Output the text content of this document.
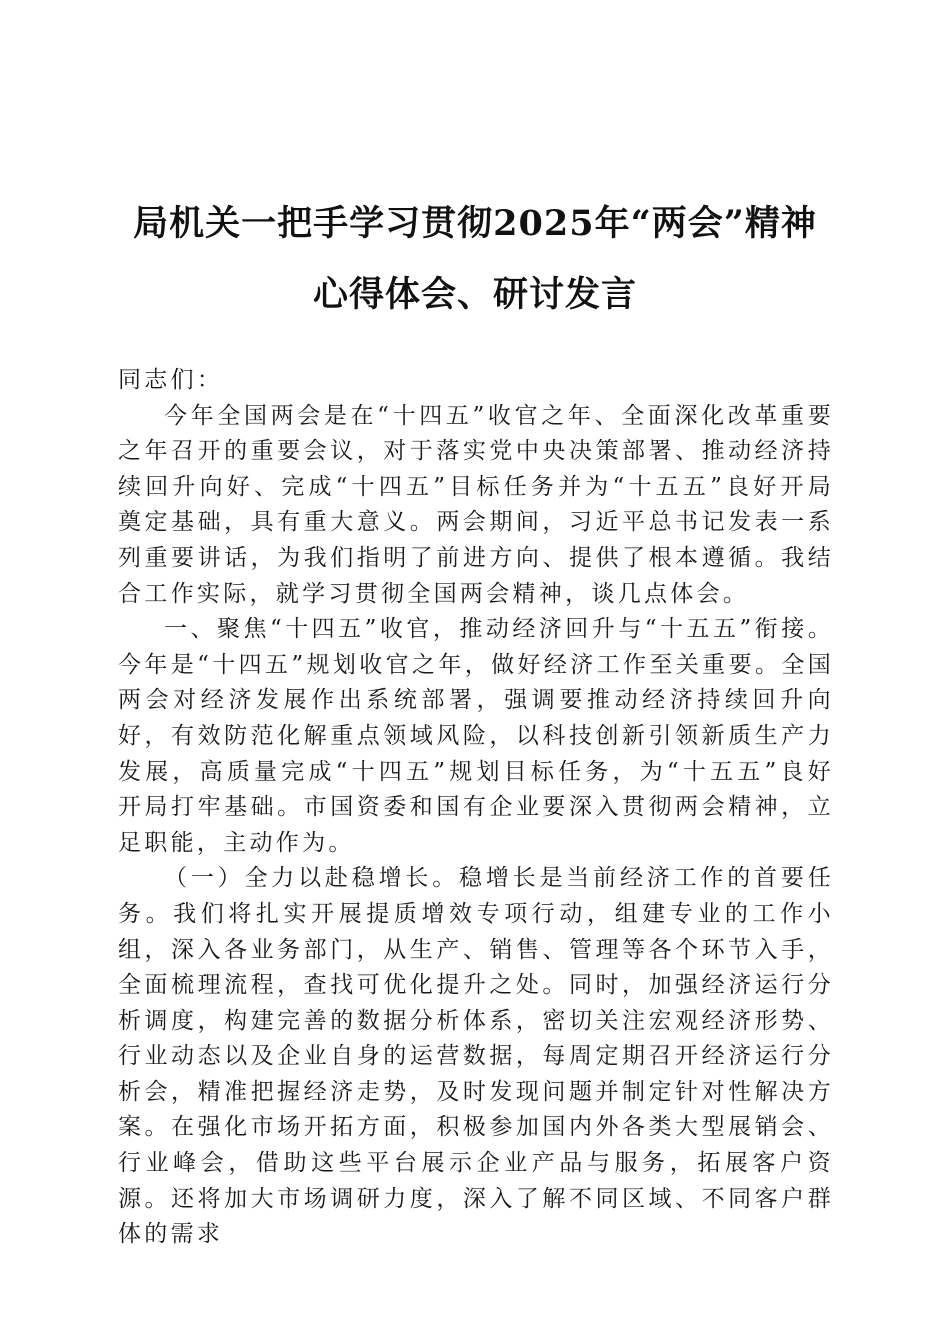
局机关一把手学习贯彻2025年“两会”精神
心得体会、研讨发言

同志们：

今年全国两会是在“十四五”收官之年、全面深化改革重要之年召开的重要会议，对于落实党中央决策部署、推动经济持续回升向好、完成“十四五”目标任务并为“十五五”良好开局奠定基础，具有重大意义。两会期间，习近平总书记发表一系列重要讲话，为我们指明了前进方向、提供了根本遵循。我结合工作实际，就学习贯彻全国两会精神，谈几点体会。

一、聚焦“十四五”收官，推动经济回升与“十五五”衔接。今年是“十四五”规划收官之年，做好经济工作至关重要。全国两会对经济发展作出系统部署，强调要推动经济持续回升向好，有效防范化解重点领域风险，以科技创新引领新质生产力发展，高质量完成“十四五”规划目标任务，为“十五五”良好开局打牢基础。市国资委和国有企业要深入贯彻两会精神，立足职能，主动作为。

（一）全力以赴稳增长。稳增长是当前经济工作的首要任务。我们将扎实开展提质增效专项行动，组建专业的工作小组，深入各业务部门，从生产、销售、管理等各个环节入手，全面梳理流程，查找可优化提升之处。同时，加强经济运行分析调度，构建完善的数据分析体系，密切关注宏观经济形势、行业动态以及企业自身的运营数据，每周定期召开经济运行分析会，精准把握经济走势，及时发现问题并制定针对性解决方案。在强化市场开拓方面，积极参加国内外各类大型展销会、行业峰会，借助这些平台展示企业产品与服务，拓展客户资源。还将加大市场调研力度，深入了解不同区域、不同客户群体的需求
